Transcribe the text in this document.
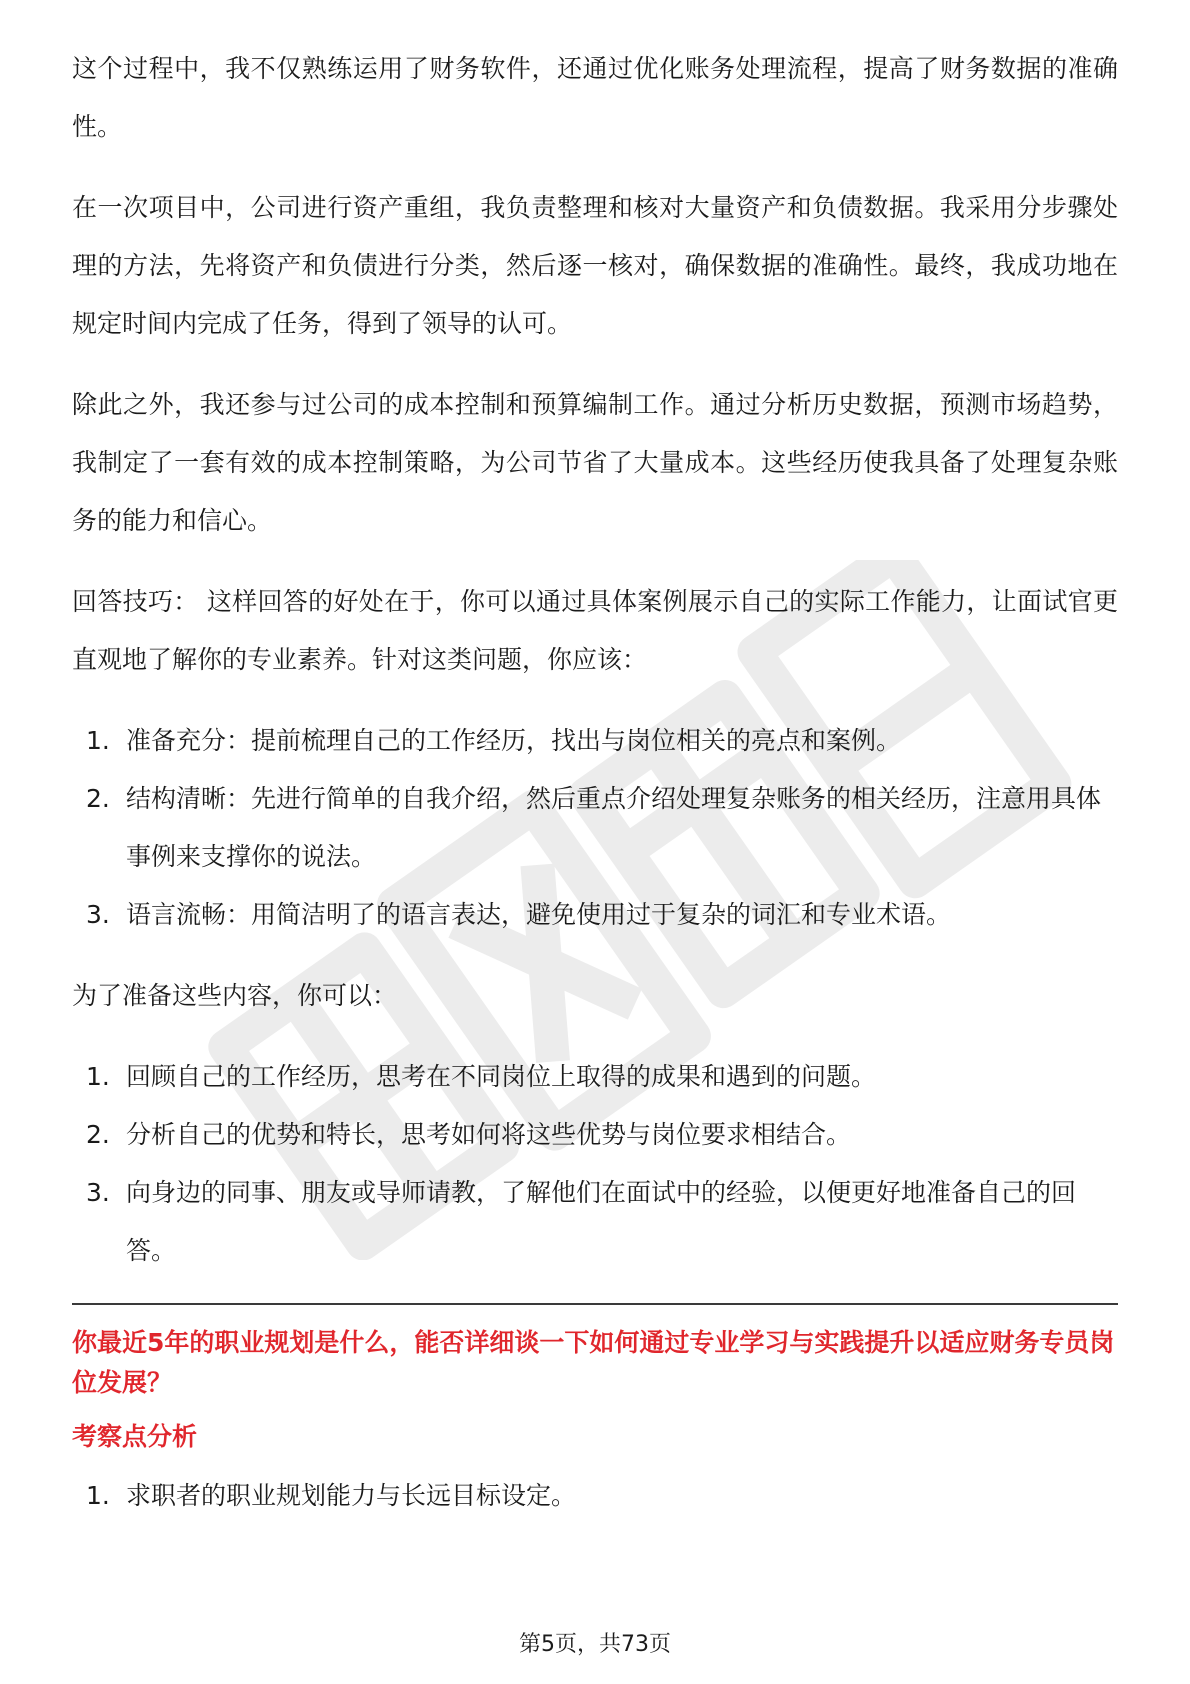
这个过程中，我不仅熟练运用了财务软件，还通过优化账务处理流程，提高了财务数据的准确性。

在一次项目中，公司进行资产重组，我负责整理和核对大量资产和负债数据。我采用分步骤处理的方法，先将资产和负债进行分类，然后逐一核对，确保数据的准确性。最终，我成功地在规定时间内完成了任务，得到了领导的认可。

除此之外，我还参与过公司的成本控制和预算编制工作。通过分析历史数据，预测市场趋势，我制定了一套有效的成本控制策略，为公司节省了大量成本。这些经历使我具备了处理复杂账务的能力和信心。

回答技巧： 这样回答的好处在于，你可以通过具体案例展示自己的实际工作能力，让面试官更直观地了解你的专业素养。针对这类问题，你应该：

1. 准备充分：提前梳理自己的工作经历，找出与岗位相关的亮点和案例。
2. 结构清晰：先进行简单的自我介绍，然后重点介绍处理复杂账务的相关经历，注意用具体事例来支撑你的说法。
3. 语言流畅：用简洁明了的语言表达，避免使用过于复杂的词汇和专业术语。

为了准备这些内容，你可以：

1. 回顾自己的工作经历，思考在不同岗位上取得的成果和遇到的问题。
2. 分析自己的优势和特长，思考如何将这些优势与岗位要求相结合。
3. 向身边的同事、朋友或导师请教，了解他们在面试中的经验，以便更好地准备自己的回答。

你最近5年的职业规划是什么，能否详细谈一下如何通过专业学习与实践提升以适应财务专员岗位发展？

考察点分析

1. 求职者的职业规划能力与长远目标设定。
第5页，共73页
